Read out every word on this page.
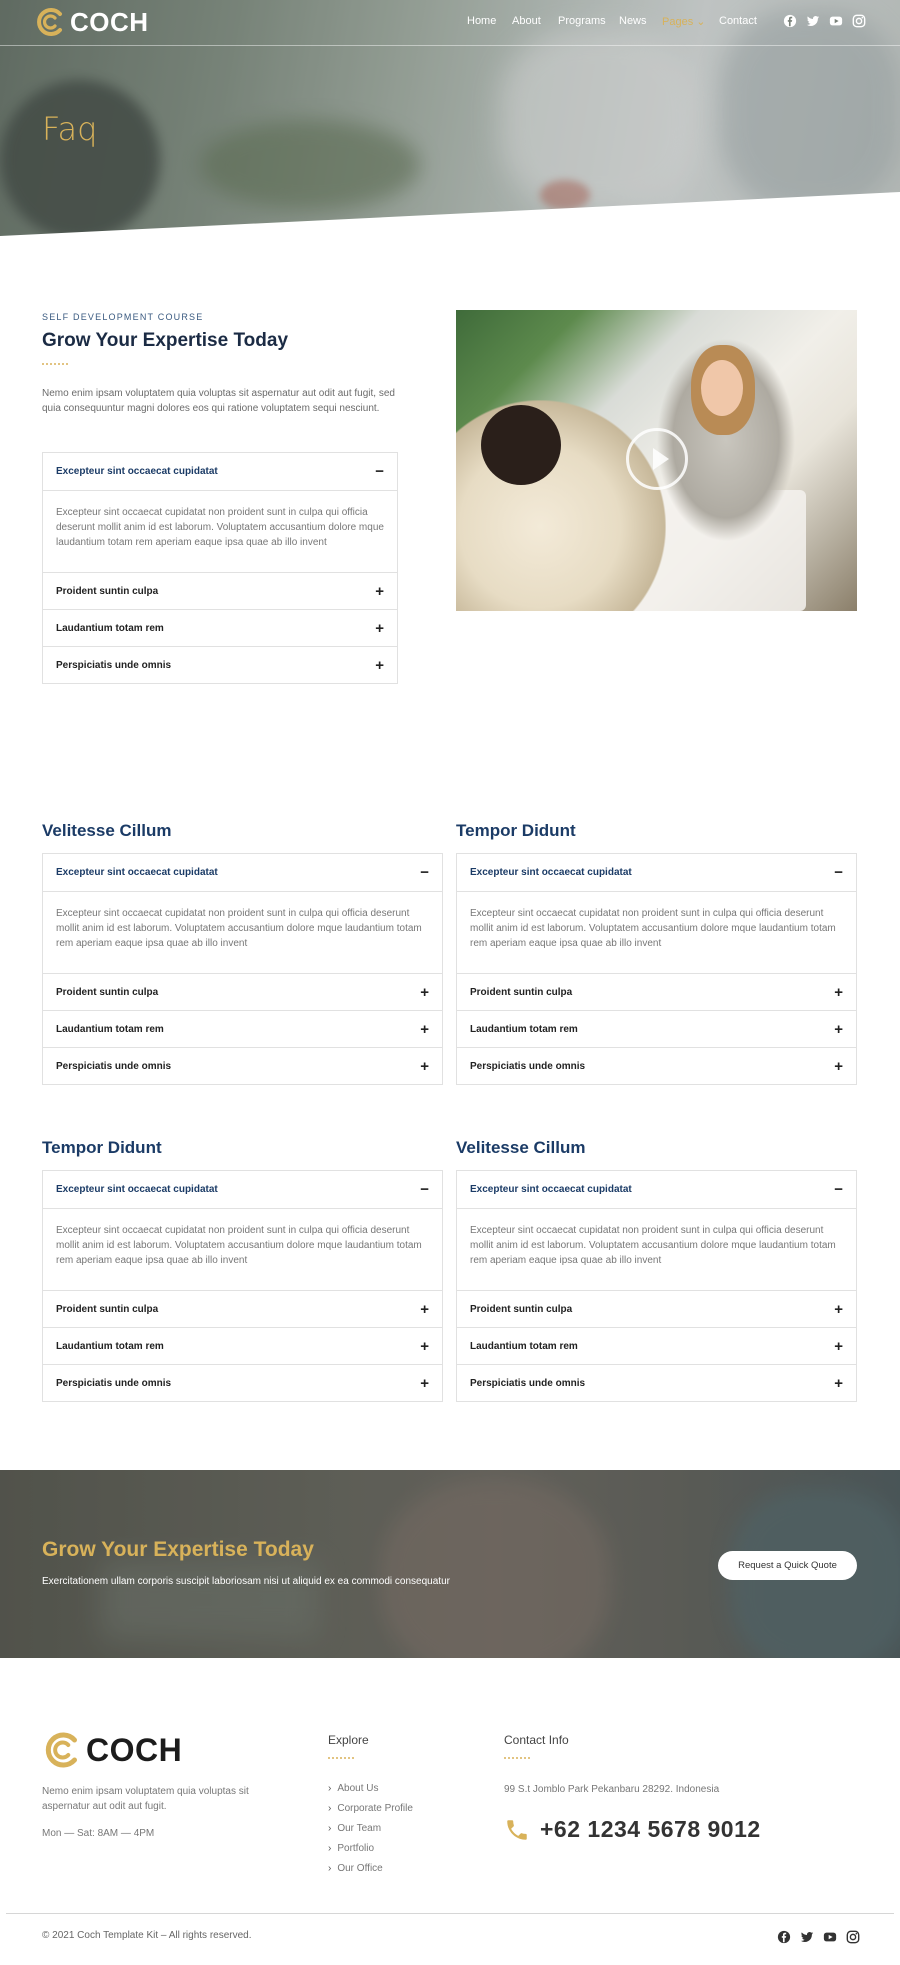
COCH	Home About Programs News Pages ⌄ Contact
Faq
SELF DEVELOPMENT COURSE
Grow Your Expertise Today

Nemo enim ipsam voluptatem quia voluptas sit aspernatur aut odit aut fugit, sed quia consequuntur magni dolores eos qui ratione voluptatem sequi nesciunt.

Excepteur sint occaecat cupidatat	−
Excepteur sint occaecat cupidatat non proident sunt in culpa qui officia deserunt mollit anim id est laborum. Voluptatem accusantium dolore mque laudantium totam rem aperiam eaque ipsa quae ab illo invent
Proident suntin culpa	+
Laudantium totam rem	+
Perspiciatis unde omnis	+
Velitesse Cillum
Excepteur sint occaecat cupidatat	−
Excepteur sint occaecat cupidatat non proident sunt in culpa qui officia deserunt mollit anim id est laborum. Voluptatem accusantium dolore mque laudantium totam rem aperiam eaque ipsa quae ab illo invent
Proident suntin culpa	+
Laudantium totam rem	+
Perspiciatis unde omnis	+
Tempor Didunt
Excepteur sint occaecat cupidatat	−
Excepteur sint occaecat cupidatat non proident sunt in culpa qui officia deserunt mollit anim id est laborum. Voluptatem accusantium dolore mque laudantium totam rem aperiam eaque ipsa quae ab illo invent
Proident suntin culpa	+
Laudantium totam rem	+
Perspiciatis unde omnis	+
Tempor Didunt
Excepteur sint occaecat cupidatat	−
Excepteur sint occaecat cupidatat non proident sunt in culpa qui officia deserunt mollit anim id est laborum. Voluptatem accusantium dolore mque laudantium totam rem aperiam eaque ipsa quae ab illo invent
Proident suntin culpa	+
Laudantium totam rem	+
Perspiciatis unde omnis	+
Velitesse Cillum
Excepteur sint occaecat cupidatat	−
Excepteur sint occaecat cupidatat non proident sunt in culpa qui officia deserunt mollit anim id est laborum. Voluptatem accusantium dolore mque laudantium totam rem aperiam eaque ipsa quae ab illo invent
Proident suntin culpa	+
Laudantium totam rem	+
Perspiciatis unde omnis	+
Grow Your Expertise Today

Exercitationem ullam corporis suscipit laboriosam nisi ut aliquid ex ea commodi consequatur

Request a Quick Quote
COCH

Nemo enim ipsam voluptatem quia voluptas sit aspernatur aut odit aut fugit.

Mon — Sat: 8AM — 4PM

Explore
› About Us
› Corporate Profile
› Our Team
› Portfolio
› Our Office
Contact Info

99 S.t Jomblo Park Pekanbaru 28292. Indonesia

+62 1234 5678 9012
© 2021 Coch Template Kit – All rights reserved.
